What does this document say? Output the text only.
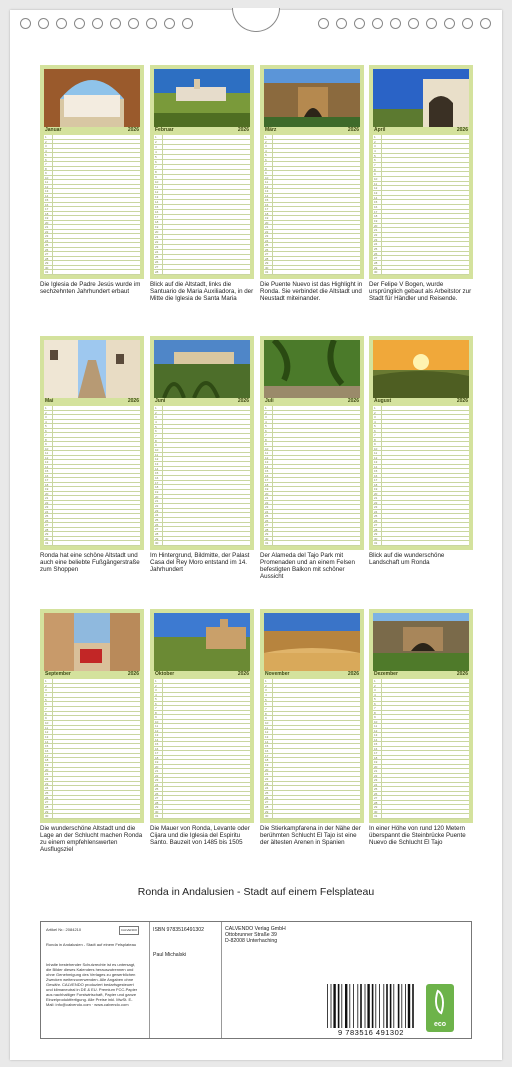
Januar	2026
1
2
3
4
5
6
7
8
9
10
11
12
13
14
15
16
17
18
19
20
21
22
23
24
25
26
27
28
29
30
31
Die Iglesia de Padre Jesús wurde im sechzehnten Jahrhundert erbaut
Februar	2026
1
2
3
4
5
6
7
8
9
10
11
12
13
14
15
16
17
18
19
20
21
22
23
24
25
26
27
28
Blick auf die Altstadt, links die Santuario de Maria Auxiliadora, in der Mitte die Iglesia de Santa Maria
März	2026
1
2
3
4
5
6
7
8
9
10
11
12
13
14
15
16
17
18
19
20
21
22
23
24
25
26
27
28
29
30
31
Die Puente Nuevo ist das Highlight in Ronda. Sie verbindet die Altstadt und Neustadt miteinander.
April	2026
1
2
3
4
5
6
7
8
9
10
11
12
13
14
15
16
17
18
19
20
21
22
23
24
25
26
27
28
29
30
Der Felipe V Bogen, wurde ursprünglich gebaut als Arbeitstor zur Stadt für Händler und Reisende.
Mai	2026
1
2
3
4
5
6
7
8
9
10
11
12
13
14
15
16
17
18
19
20
21
22
23
24
25
26
27
28
29
30
31
Ronda hat eine schöne Altstadt und auch eine beliebte Fußgängerstraße zum Shoppen
Juni	2026
1
2
3
4
5
6
7
8
9
10
11
12
13
14
15
16
17
18
19
20
21
22
23
24
25
26
27
28
29
30
Im Hintergrund, Bildmitte, der Palast Casa del Rey Moro entstand im 14. Jahrhundert
Juli	2026
1
2
3
4
5
6
7
8
9
10
11
12
13
14
15
16
17
18
19
20
21
22
23
24
25
26
27
28
29
30
31
Der Alameda del Tajo Park mit Promenaden und an einem Felsen befestigten Balkon mit schöner Aussicht
August	2026
1
2
3
4
5
6
7
8
9
10
11
12
13
14
15
16
17
18
19
20
21
22
23
24
25
26
27
28
29
30
31
Blick auf die wunderschöne Landschaft um Ronda
September	2026
1
2
3
4
5
6
7
8
9
10
11
12
13
14
15
16
17
18
19
20
21
22
23
24
25
26
27
28
29
30
Die wunderschöne Altstadt und die Lage an der Schlucht machen Ronda zu einem empfehlenswerten Ausflugsziel
Oktober	2026
1
2
3
4
5
6
7
8
9
10
11
12
13
14
15
16
17
18
19
20
21
22
23
24
25
26
27
28
29
30
31
Die Mauer von Ronda, Levante oder Cijara und die Iglesia del Espiritu Santo. Bauzeit von 1485 bis 1505
November	2026
1
2
3
4
5
6
7
8
9
10
11
12
13
14
15
16
17
18
19
20
21
22
23
24
25
26
27
28
29
30
Die Stierkampfarena in der Nähe der berühmten Schlucht El Tajo ist eine der ältesten Arenen in Spanien
Dezember	2026
1
2
3
4
5
6
7
8
9
10
11
12
13
14
15
16
17
18
19
20
21
22
23
24
25
26
27
28
29
30
31
In einer Höhe von rund 120 Metern überspannt die Steinbrücke Puente Nuevo die Schlucht El Tajo
Ronda in Andalusien - Stadt auf einem Felsplateau
Artikel Nr.: 2084210	CALVENDO
Ronda in Andalusien - Stadt auf einem Felsplateau
Inhalte bestehender Schutzrechte ist es untersagt, die Bilder dieses Kalenders herauszutrennen und ohne Genehmigung des Verlages zu gewerblichen Zwecken weiterzuverwenden. Alle Angaben ohne Gewähr. CALVENDO produziert bedarfsgesteuert und klimaneutral in DE & EU. Premium FCC-Papier aus nachhaltiger Forstwirtschaft, Papier und ganze Einzelproduktfertigung. Alle Preise inkl. MwSt. E-Mail: info@calvendo.com · www.calvendo.com
ISBN 9783516491302
Paul Michalski
CALVENDO Verlag GmbH
Ottobrunner Straße 39
D-82008 Unterhaching
9 783516 491302
eco
